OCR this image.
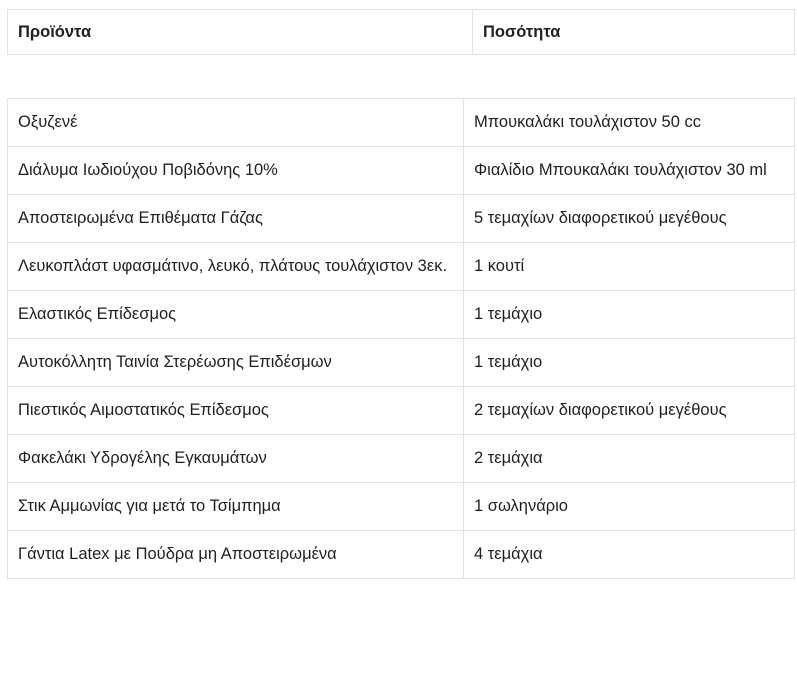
Προϊόντα	Ποσότητα
Οξυζενέ	Μπουκαλάκι τουλάχιστον 50 cc
Διάλυμα Ιωδιούχου Ποβιδόνης 10%	Φιαλίδιο Μπουκαλάκι τουλάχιστον 30 ml
Αποστειρωμένα Επιθέματα Γάζας	5 τεμαχίων διαφορετικού μεγέθους
Λευκοπλάστ υφασμάτινο, λευκό, πλάτους τουλάχιστον 3εκ.	1 κουτί
Ελαστικός Επίδεσμος	1 τεμάχιο
Αυτοκόλλητη Ταινία Στερέωσης Επιδέσμων	1 τεμάχιο
Πιεστικός Αιμοστατικός Επίδεσμος	2 τεμαχίων διαφορετικού μεγέθους
Φακελάκι Υδρογέλης Εγκαυμάτων	2 τεμάχια
Στικ Αμμωνίας για μετά το Τσίμπημα	1 σωληνάριο
Γάντια Latex με Πούδρα μη Αποστειρωμένα	4 τεμάχια
